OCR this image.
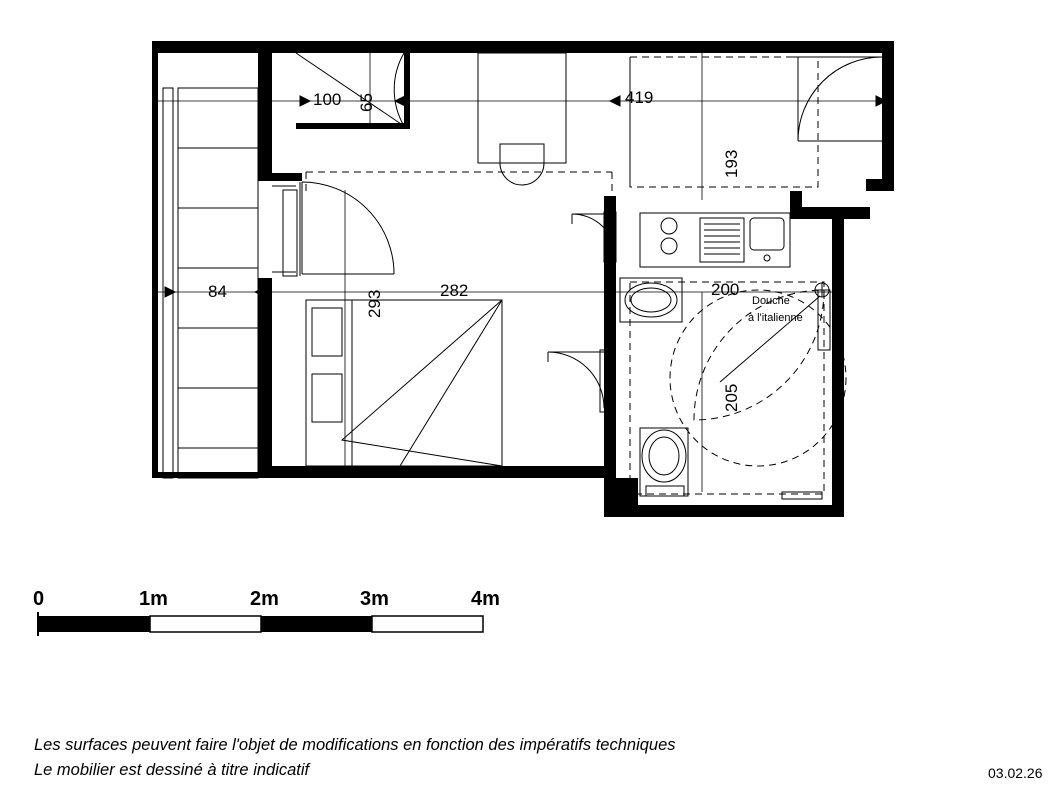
100 65	419
193
84	293	282	200
205
Douche
à l'italienne
0	1m	2m	3m	4m
Les surfaces peuvent faire l'objet de modifications en fonction des impératifs techniques
Le mobilier est dessiné à titre indicatif	03.02.26
